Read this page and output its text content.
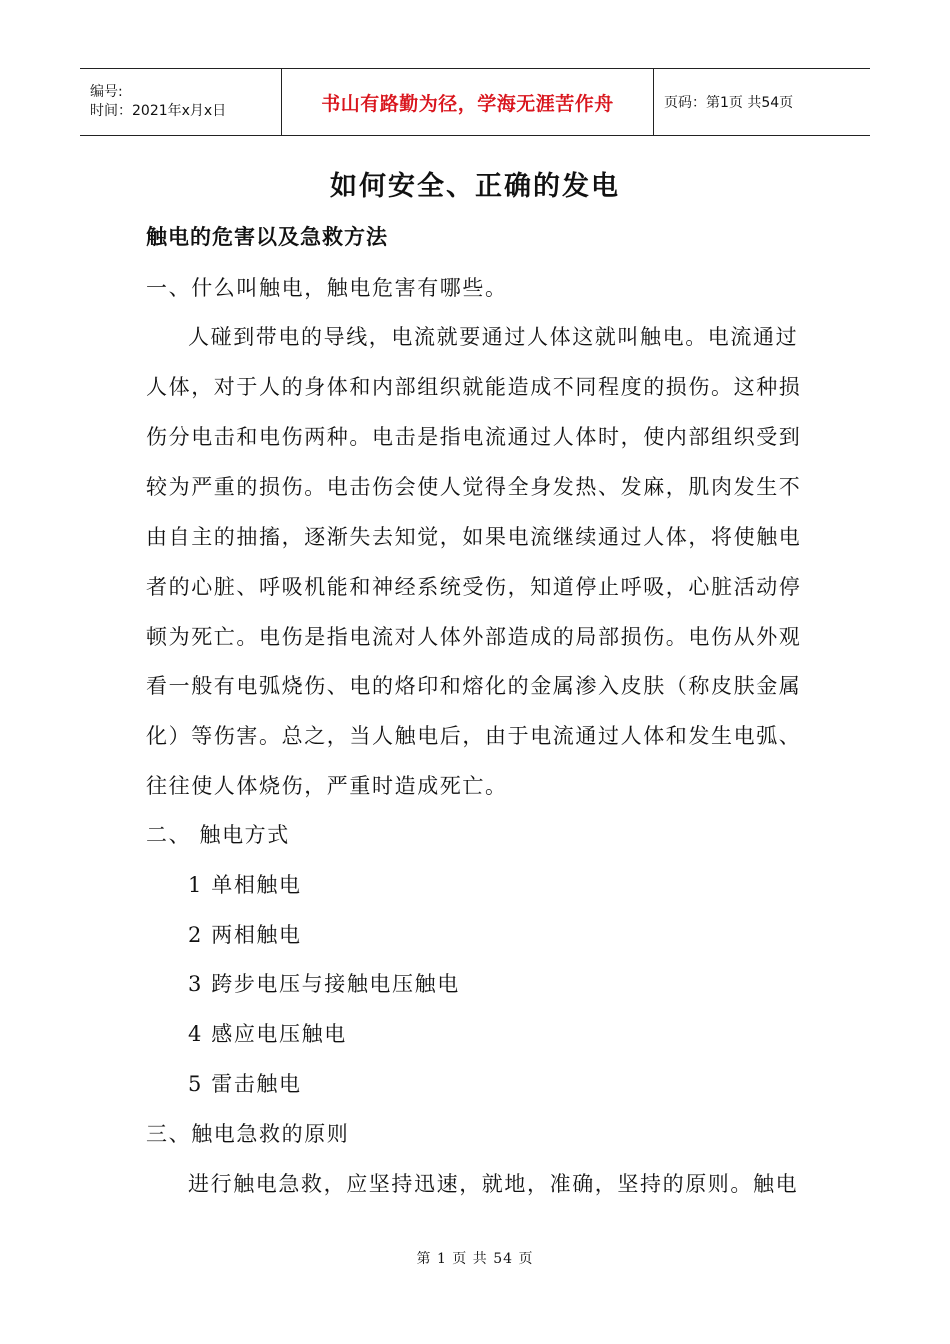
编号:
时间：2021年x月x日	书山有路勤为径，学海无涯苦作舟	页码：第1页 共54页
如何安全、正确的发电
触电的危害以及急救方法
一、什么叫触电，触电危害有哪些。
人碰到带电的导线，电流就要通过人体这就叫触电。电流通过
人体，对于人的身体和内部组织就能造成不同程度的损伤。这种损
伤分电击和电伤两种。电击是指电流通过人体时，使内部组织受到
较为严重的损伤。电击伤会使人觉得全身发热、发麻，肌肉发生不
由自主的抽搐，逐渐失去知觉，如果电流继续通过人体，将使触电
者的心脏、呼吸机能和神经系统受伤，知道停止呼吸，心脏活动停
顿为死亡。电伤是指电流对人体外部造成的局部损伤。电伤从外观
看一般有电弧烧伤、电的烙印和熔化的金属渗入皮肤（称皮肤金属
化）等伤害。总之，当人触电后，由于电流通过人体和发生电弧、
往往使人体烧伤，严重时造成死亡。
二、 触电方式
1 单相触电
2 两相触电
3 跨步电压与接触电压触电
4 感应电压触电
5 雷击触电
三、触电急救的原则
进行触电急救，应坚持迅速，就地，准确，坚持的原则。触电
第 1 页 共 54 页
